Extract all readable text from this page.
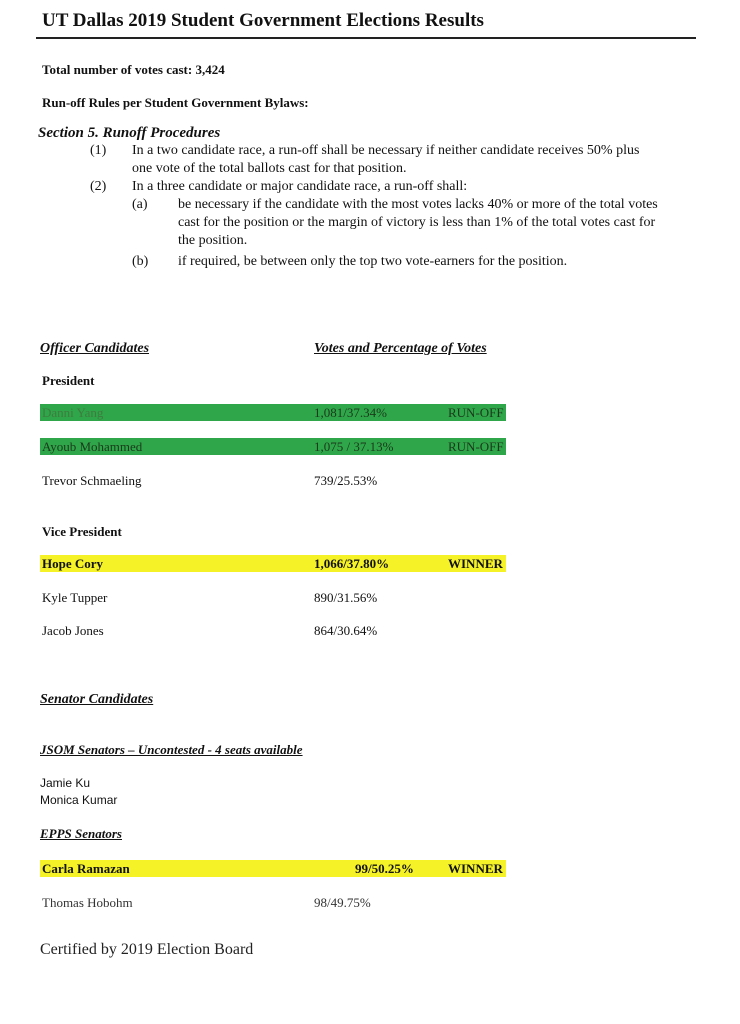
UT Dallas 2019 Student Government Elections Results
Total number of votes cast: 3,424
Run-off Rules per Student Government Bylaws:
Section 5. Runoff Procedures
(1) In a two candidate race, a run-off shall be necessary if neither candidate receives 50% plus
one vote of the total ballots cast for that position.
(2) In a three candidate or major candidate race, a run-off shall:
(a) be necessary if the candidate with the most votes lacks 40% or more of the total votes
cast for the position or the margin of victory is less than 1% of the total votes cast for
the position.
(b) if required, be between only the top two vote-earners for the position.
Officer Candidates	Votes and Percentage of Votes
President
Danni Yang	1,081/37.34%	RUN-OFF
Ayoub Mohammed	1,075 / 37.13%	RUN-OFF
Trevor Schmaeling	739/25.53%
Vice President
Hope Cory	1,066/37.80%	WINNER
Kyle Tupper	890/31.56%
Jacob Jones	864/30.64%
Senator Candidates
JSOM Senators – Uncontested - 4 seats available
Jamie Ku
Monica Kumar
EPPS Senators
Carla Ramazan	99/50.25%	WINNER
Thomas Hobohm	98/49.75%
Certified by 2019 Election Board
